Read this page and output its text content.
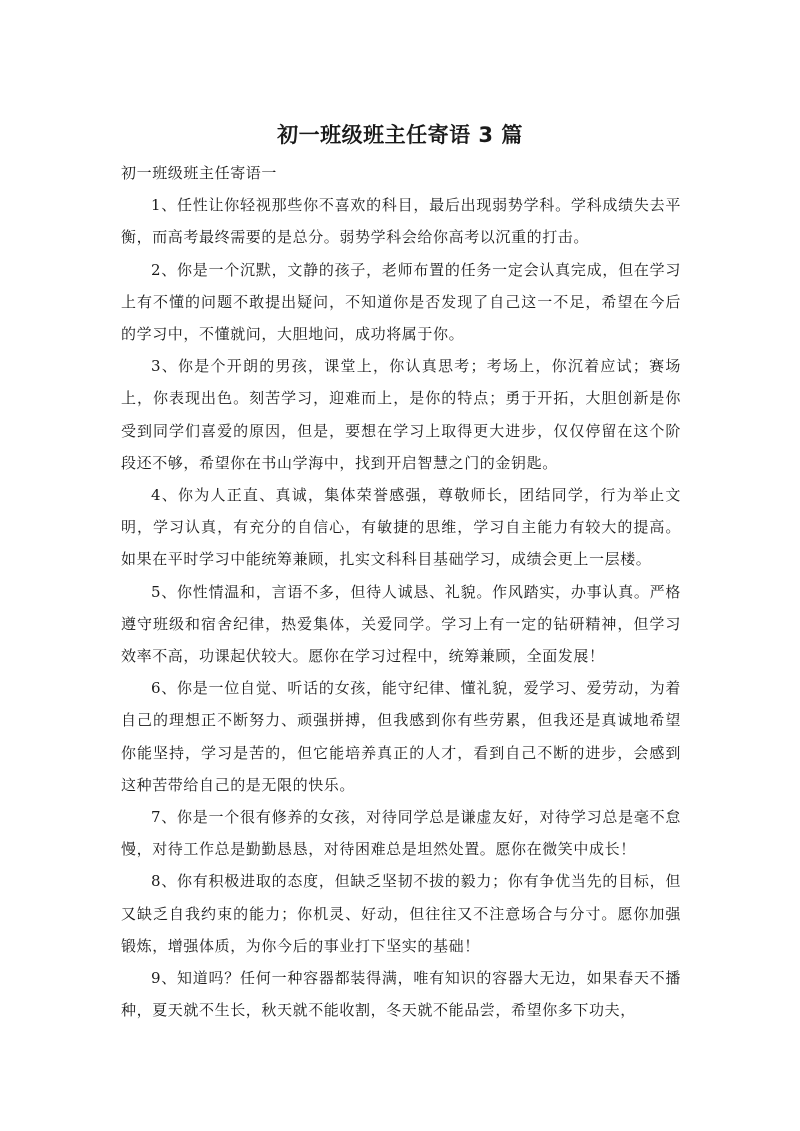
初一班级班主任寄语 3 篇

初一班级班主任寄语一

1、任性让你轻视那些你不喜欢的科目，最后出现弱势学科。学科成绩失去平衡，而高考最终需要的是总分。弱势学科会给你高考以沉重的打击。

2、你是一个沉默，文静的孩子，老师布置的任务一定会认真完成，但在学习上有不懂的问题不敢提出疑问，不知道你是否发现了自己这一不足，希望在今后的学习中，不懂就问，大胆地问，成功将属于你。

3、你是个开朗的男孩，课堂上，你认真思考；考场上，你沉着应试；赛场上，你表现出色。刻苦学习，迎难而上，是你的特点；勇于开拓，大胆创新是你受到同学们喜爱的原因，但是，要想在学习上取得更大进步，仅仅停留在这个阶段还不够，希望你在书山学海中，找到开启智慧之门的金钥匙。

4、你为人正直、真诚，集体荣誉感强，尊敬师长，团结同学，行为举止文明，学习认真，有充分的自信心，有敏捷的思维，学习自主能力有较大的提高。如果在平时学习中能统筹兼顾，扎实文科科目基础学习，成绩会更上一层楼。

5、你性情温和，言语不多，但待人诚恳、礼貌。作风踏实，办事认真。严格遵守班级和宿舍纪律，热爱集体，关爱同学。学习上有一定的钻研精神，但学习效率不高，功课起伏较大。愿你在学习过程中，统筹兼顾，全面发展！

6、你是一位自觉、听话的女孩，能守纪律、懂礼貌，爱学习、爱劳动，为着自己的理想正不断努力、顽强拼搏，但我感到你有些劳累，但我还是真诚地希望你能坚持，学习是苦的，但它能培养真正的人才，看到自己不断的进步，会感到这种苦带给自己的是无限的快乐。

7、你是一个很有修养的女孩，对待同学总是谦虚友好，对待学习总是毫不怠慢，对待工作总是勤勤恳恳，对待困难总是坦然处置。愿你在微笑中成长！

8、你有积极进取的态度，但缺乏坚韧不拔的毅力；你有争优当先的目标，但又缺乏自我约束的能力；你机灵、好动，但往往又不注意场合与分寸。愿你加强锻炼，增强体质，为你今后的事业打下坚实的基础！

9、知道吗？任何一种容器都装得满，唯有知识的容器大无边，如果春天不播种，夏天就不生长，秋天就不能收割，冬天就不能品尝，希望你多下功夫，
